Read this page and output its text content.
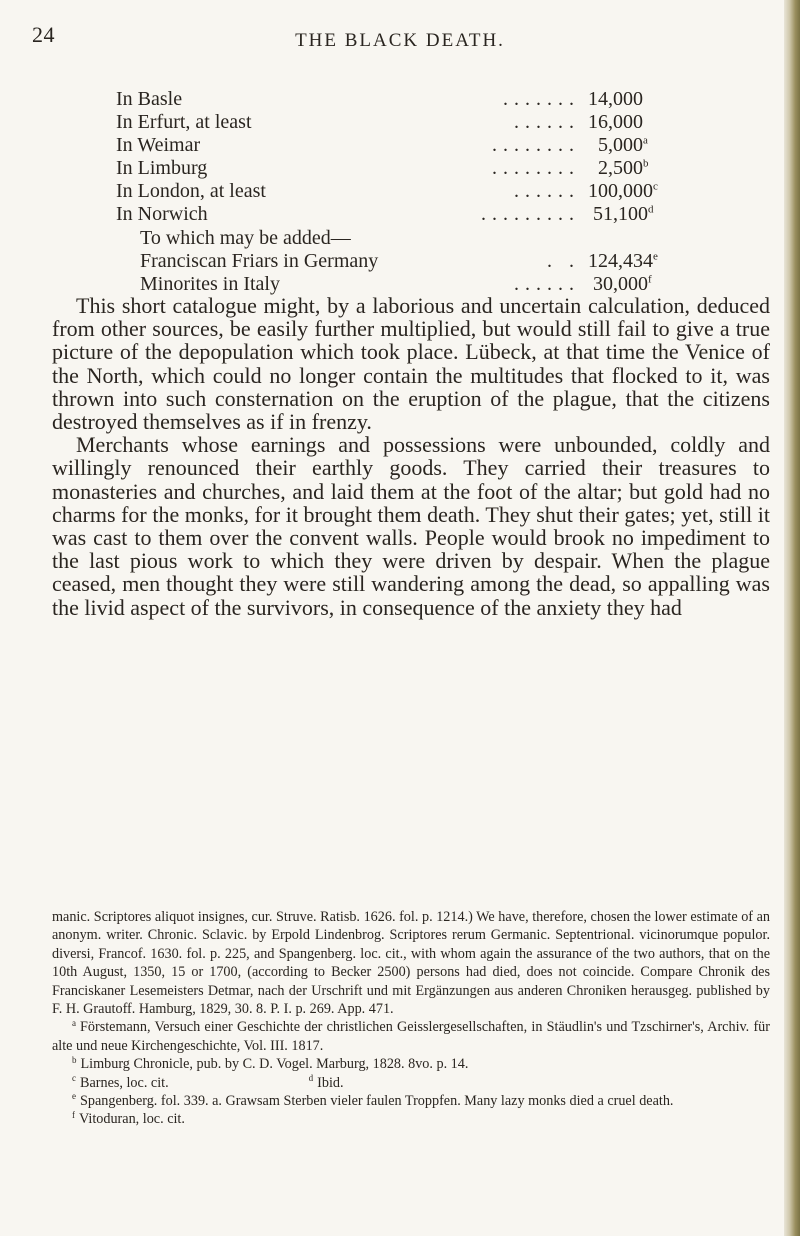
24	THE BLACK DEATH.
In Basle	....... 14,000
In Erfurt, at least	...... 16,000
In Weimar	........ 5,000$^a$
In Limburg	........ 2,500$^b$
In London, at least	...... 100,000$^c$
In Norwich	......... 51,100$^d$
To which may be added—
Franciscan Friars in Germany	. . 124,434e
Minorites in Italy	...... 30,000$^f$

This short catalogue might, by a laborious and uncertain calculation, deduced from other sources, be easily further multiplied, but would still fail to give a true picture of the depopulation which took place. Lübeck, at that time the Venice of the North, which could no longer contain the multitudes that flocked to it, was thrown into such consternation on the eruption of the plague, that the citizens destroyed themselves as if in frenzy.

Merchants whose earnings and possessions were unbounded, coldly and willingly renounced their earthly goods. They carried their treasures to monasteries and churches, and laid them at the foot of the altar; but gold had no charms for the monks, for it brought them death. They shut their gates; yet, still it was cast to them over the convent walls. People would brook no impediment to the last pious work to which they were driven by despair. When the plague ceased, men thought they were still wandering among the dead, so appalling was the livid aspect of the survivors, in consequence of the anxiety they had

manic. Scriptores aliquot insignes, cur. Struve. Ratisb. 1626. fol. p. 1214.) We have, therefore, chosen the lower estimate of an anonym. writer. Chronic. Sclavic. by Erpold Lindenbrog. Scriptores rerum Germanic. Septentrional. vicinorumque populor. diversi, Francof. 1630. fol. p. 225, and Spangenberg. loc. cit., with whom again the assurance of the two authors, that on the 10th August, 1350, 15 or 1700, (according to Becker 2500) persons had died, does not coincide. Compare Chronik des Franciskaner Lesemeisters Detmar, nach der Urschrift und mit Ergänzungen aus anderen Chroniken herausgeg. published by F. H. Grautoff. Hamburg, 1829, 30. 8. P. I. p. 269. App. 471.

$^a$ Förstemann, Versuch einer Geschichte der christlichen Geisslergesellschaften, in Stäudlin's und Tzschirner's, Archiv. für alte und neue Kirchengeschichte, Vol. III. 1817.

$^b$ Limburg Chronicle, pub. by C. D. Vogel. Marburg, 1828. 8vo. p. 14.

$^c$ Barnes, loc. cit.	$^d$ Ibid.

$^e$ Spangenberg. fol. 339. a. Grawsam Sterben vieler faulen Troppfen. Many lazy monks died a cruel death.

$^f$ Vitoduran, loc. cit.
